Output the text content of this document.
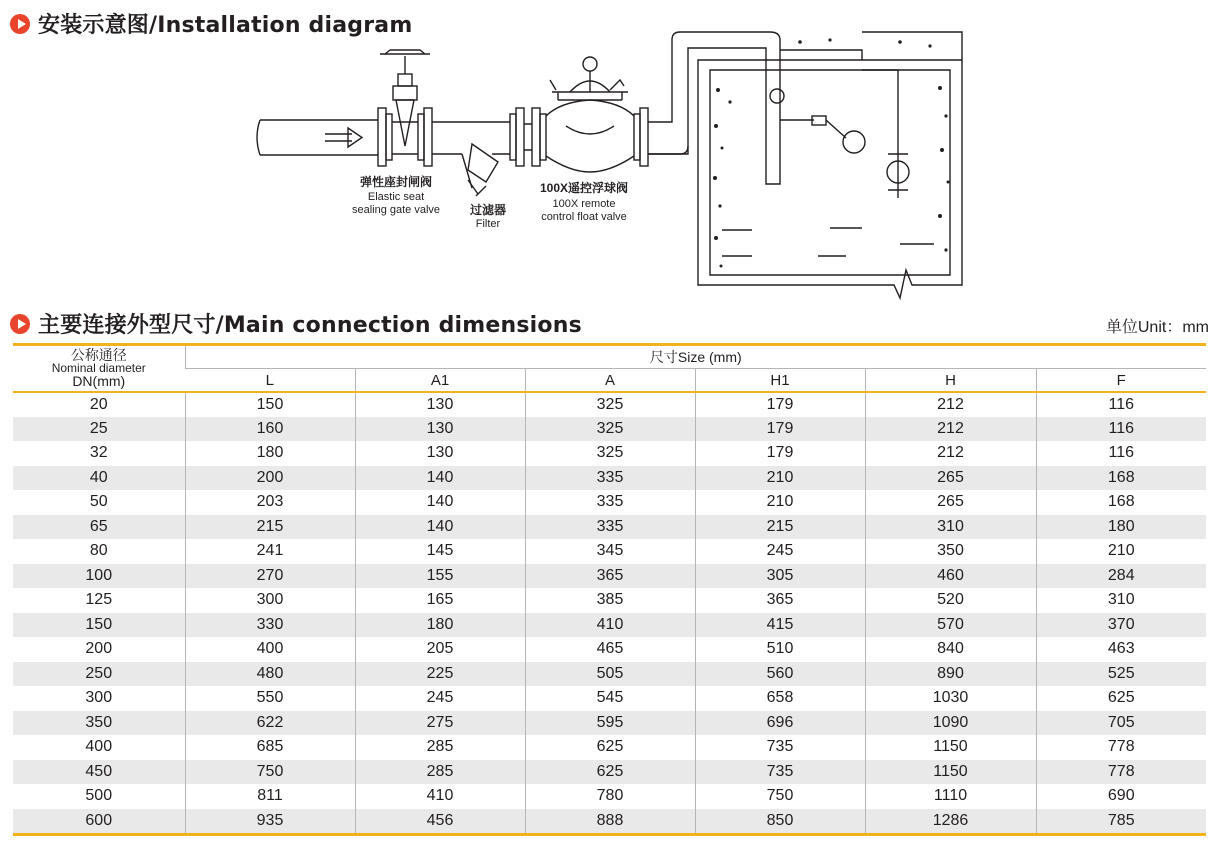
安装示意图/Installation diagram
弹性座封闸阀
Elastic seat
sealing gate valve	过滤器
Filter
100X遥控浮球阀
100X remote
control float valve
主要连接外型尺寸/Main connection dimensions	单位Unit：mm
公称通径
Nominal diameter
DN(mm)	尺寸Size (mm)					
	L	A1	A	H1	H	F
20	150	130	325	179	212	116
25	160	130	325	179	212	116
32	180	130	325	179	212	116
40	200	140	335	210	265	168
50	203	140	335	210	265	168
65	215	140	335	215	310	180
80	241	145	345	245	350	210
100	270	155	365	305	460	284
125	300	165	385	365	520	310
150	330	180	410	415	570	370
200	400	205	465	510	840	463
250	480	225	505	560	890	525
300	550	245	545	658	1030	625
350	622	275	595	696	1090	705
400	685	285	625	735	1150	778
450	750	285	625	735	1150	778
500	811	410	780	750	1110	690
600	935	456	888	850	1286	785
